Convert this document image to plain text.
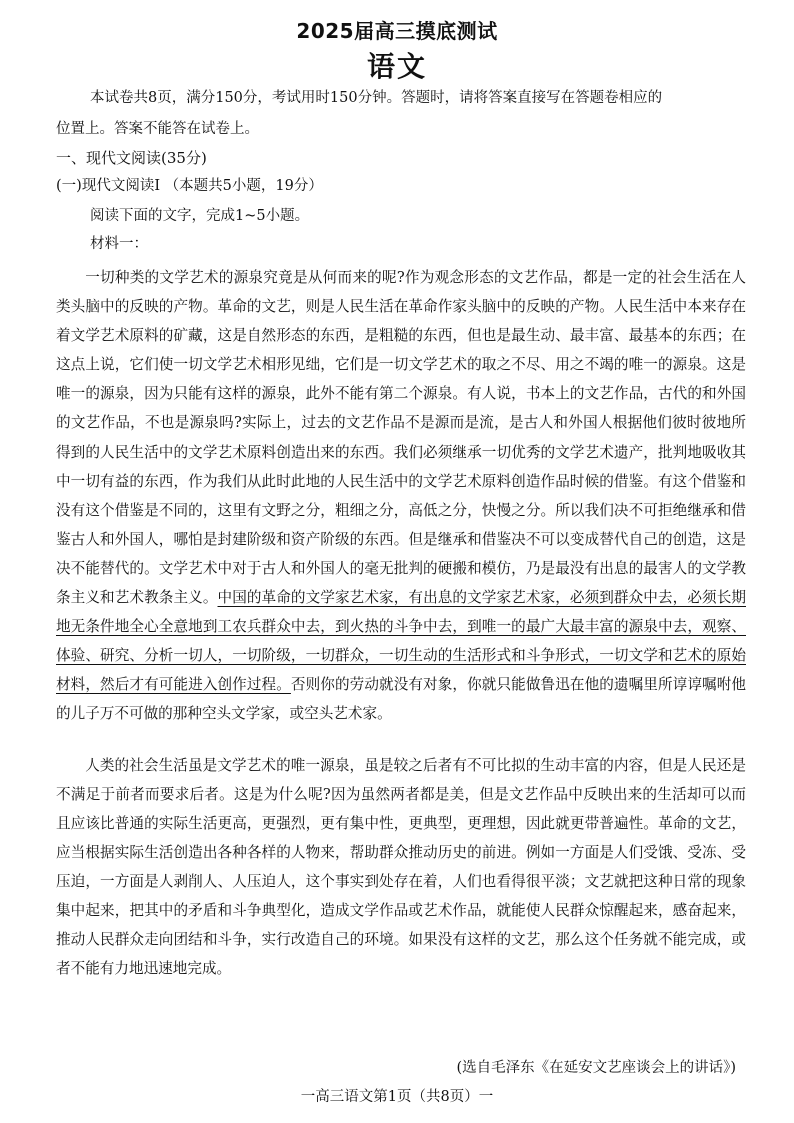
2025届高三摸底测试
语文
本试卷共8页，满分150分，考试用时150分钟。答题时，请将答案直接写在答题卷相应的
位置上。答案不能答在试卷上。
一、现代文阅读(35分)
(一)现代文阅读I （本题共5小题，19分）
阅读下面的文字，完成1~5小题。
材料一：

一切种类的文学艺术的源泉究竟是从何而来的呢?作为观念形态的文艺作品，都是一定的社会生活在人类头脑中的反映的产物。革命的文艺，则是人民生活在革命作家头脑中的反映的产物。人民生活中本来存在着文学艺术原料的矿藏，这是自然形态的东西，是粗糙的东西，但也是最生动、最丰富、最基本的东西；在这点上说，它们使一切文学艺术相形见绌，它们是一切文学艺术的取之不尽、用之不竭的唯一的源泉。这是唯一的源泉，因为只能有这样的源泉，此外不能有第二个源泉。有人说，书本上的文艺作品，古代的和外国的文艺作品，不也是源泉吗?实际上，过去的文艺作品不是源而是流，是古人和外国人根据他们彼时彼地所得到的人民生活中的文学艺术原料创造出来的东西。我们必须继承一切优秀的文学艺术遗产，批判地吸收其中一切有益的东西，作为我们从此时此地的人民生活中的文学艺术原料创造作品时候的借鉴。有这个借鉴和没有这个借鉴是不同的，这里有文野之分，粗细之分，高低之分，快慢之分。所以我们决不可拒绝继承和借鉴古人和外国人，哪怕是封建阶级和资产阶级的东西。但是继承和借鉴决不可以变成替代自己的创造，这是决不能替代的。文学艺术中对于古人和外国人的毫无批判的硬搬和模仿，乃是最没有出息的最害人的文学教条主义和艺术教条主义。中国的革命的文学家艺术家，有出息的文学家艺术家，必须到群众中去，必须长期地无条件地全心全意地到工农兵群众中去，到火热的斗争中去，到唯一的最广大最丰富的源泉中去，观察、体验、研究、分析一切人，一切阶级，一切群众，一切生动的生活形式和斗争形式，一切文学和艺术的原始材料，然后才有可能进入创作过程。否则你的劳动就没有对象，你就只能做鲁迅在他的遗嘱里所谆谆嘱咐他的儿子万不可做的那种空头文学家，或空头艺术家。

人类的社会生活虽是文学艺术的唯一源泉，虽是较之后者有不可比拟的生动丰富的内容，但是人民还是不满足于前者而要求后者。这是为什么呢?因为虽然两者都是美，但是文艺作品中反映出来的生活却可以而且应该比普通的实际生活更高，更强烈，更有集中性，更典型，更理想，因此就更带普遍性。革命的文艺，应当根据实际生活创造出各种各样的人物来，帮助群众推动历史的前进。例如一方面是人们受饿、受冻、受压迫，一方面是人剥削人、人压迫人，这个事实到处存在着，人们也看得很平淡；文艺就把这种日常的现象集中起来，把其中的矛盾和斗争典型化，造成文学作品或艺术作品，就能使人民群众惊醒起来，感奋起来，推动人民群众走向团结和斗争，实行改造自己的环境。如果没有这样的文艺，那么这个任务就不能完成，或者不能有力地迅速地完成。

(选自毛泽东《在延安文艺座谈会上的讲话》)
一高三语文第1页（共8页）一
